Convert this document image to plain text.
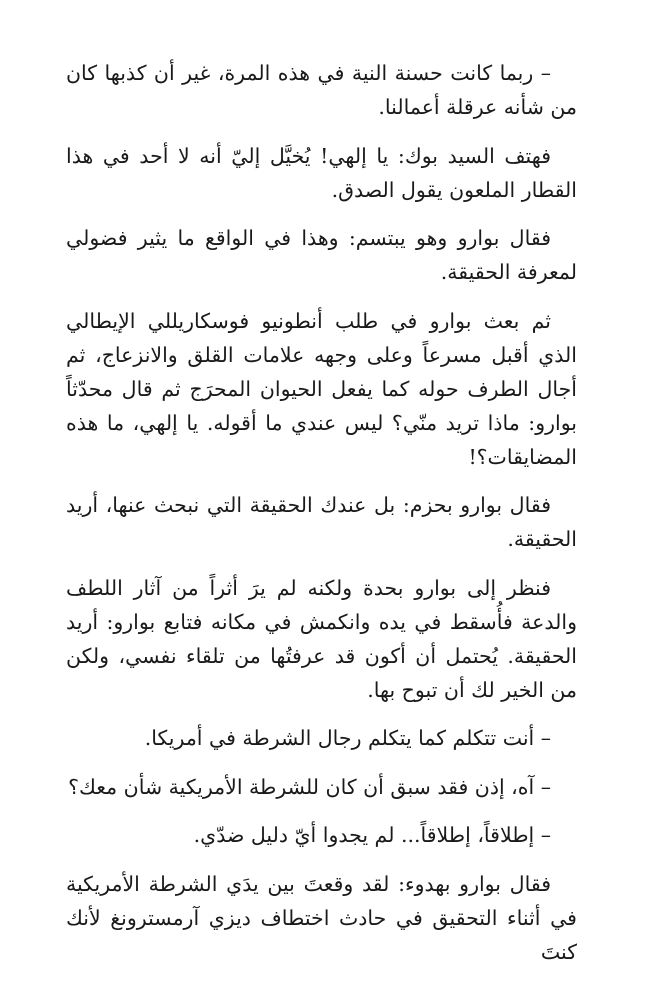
– ربما كانت حسنة النية في هذه المرة، غير أن كذبها كان من شأنه عرقلة أعمالنا.

فهتف السيد بوك: يا إلهي! يُخيَّل إليّ أنه لا أحد في هذا القطار الملعون يقول الصدق.

فقال بوارو وهو يبتسم: وهذا في الواقع ما يثير فضولي لمعرفة الحقيقة.

ثم بعث بوارو في طلب أنطونيو فوسكاريللي الإيطالي الذي أقبل مسرعاً وعلى وجهه علامات القلق والانزعاج، ثم أجال الطرف حوله كما يفعل الحيوان المحرَج ثم قال محدّثاً بوارو: ماذا تريد منّي؟ ليس عندي ما أقوله. يا إلهي، ما هذه المضايقات؟!

فقال بوارو بحزم: بل عندك الحقيقة التي نبحث عنها، أريد الحقيقة.

فنظر إلى بوارو بحدة ولكنه لم يرَ أثراً من آثار اللطف والدعة فأُسقط في يده وانكمش في مكانه فتابع بوارو: أريد الحقيقة. يُحتمل أن أكون قد عرفتُها من تلقاء نفسي، ولكن من الخير لك أن تبوح بها.

– أنت تتكلم كما يتكلم رجال الشرطة في أمريكا.

– آه، إذن فقد سبق أن كان للشرطة الأمريكية شأن معك؟

– إطلاقاً، إطلاقاً... لم يجدوا أيّ دليل ضدّي.

فقال بوارو بهدوء: لقد وقعتَ بين يدَي الشرطة الأمريكية في أثناء التحقيق في حادث اختطاف ديزي آرمسترونغ لأنك كنتَ
